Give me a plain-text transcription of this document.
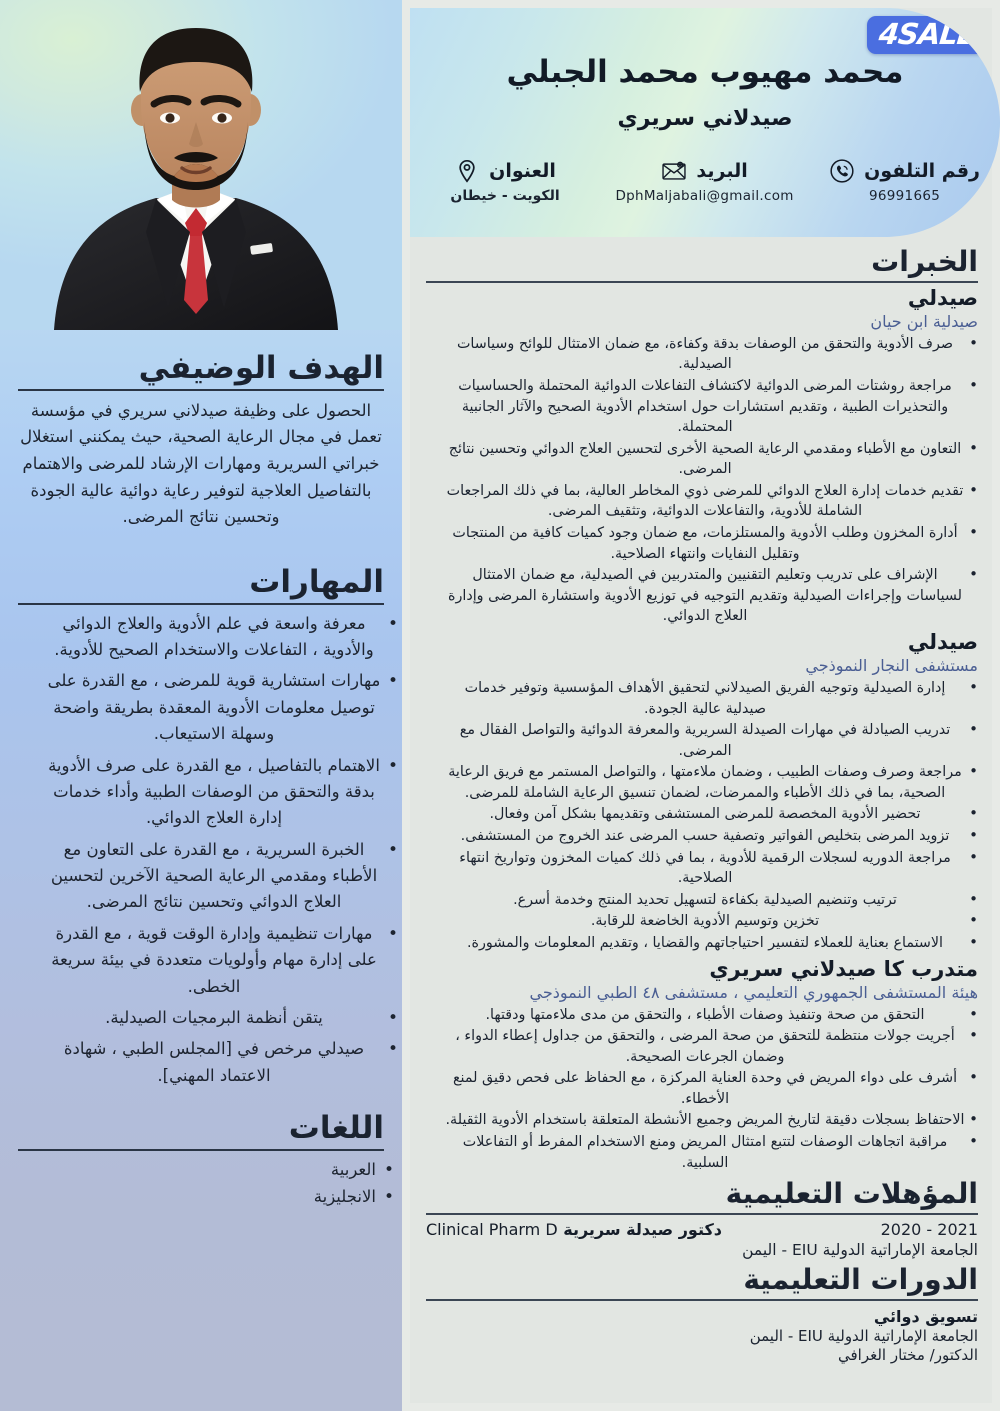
الهدف الوضيفي
الحصول على وظيفة صيدلاني سريري في مؤسسة تعمل في مجال الرعاية الصحية، حيث يمكنني استغلال خبراتي السريرية ومهارات الإرشاد للمرضى والاهتمام بالتفاصيل العلاجية لتوفير رعاية دوائية عالية الجودة وتحسين نتائج المرضى.
المهارات
• معرفة واسعة في علم الأدوية والعلاج الدوائي والأدوية ، التفاعلات والاستخدام الصحيح للأدوية.
• مهارات استشارية قوية للمرضى ، مع القدرة على توصيل معلومات الأدوية المعقدة بطريقة واضحة وسهلة الاستيعاب.
• الاهتمام بالتفاصيل ، مع القدرة على صرف الأدوية بدقة والتحقق من الوصفات الطبية وأداء خدمات إدارة العلاج الدوائي.
• الخبرة السريرية ، مع القدرة على التعاون مع الأطباء ومقدمي الرعاية الصحية الآخرين لتحسين العلاج الدوائي وتحسين نتائج المرضى.
• مهارات تنظيمية وإدارة الوقت قوية ، مع القدرة على إدارة مهام وأولويات متعددة في بيئة سريعة الخطى.
• يتقن أنظمة البرمجيات الصيدلية.
• صيدلي مرخص في [المجلس الطبي ، شهادة الاعتماد المهني].
اللغات
• العربية
• الانجليزية
4SALE
محمد مهيوب محمد الجبلي
صيدلاني سريري
العنوان
الكويت - خيطان
البريد
DphMaljabali@gmail.com
رقم التلفون
96991665
الخبرات
صيدلي
صيدلية ابن حيان
• صرف الأدوية والتحقق من الوصفات بدقة وكفاءة، مع ضمان الامتثال للوائح وسياسات الصيدلية.
• مراجعة روشتات المرضى الدوائية لاكتشاف التفاعلات الدوائية المحتملة والحساسيات والتحذيرات الطبية ، وتقديم استشارات حول استخدام الأدوية الصحيح والآثار الجانبية المحتملة.
• التعاون مع الأطباء ومقدمي الرعاية الصحية الأخرى لتحسين العلاج الدوائي وتحسين نتائج المرضى.
• تقديم خدمات إدارة العلاج الدوائي للمرضى ذوي المخاطر العالية، بما في ذلك المراجعات الشاملة للأدوية، والتفاعلات الدوائية، وتثقيف المرضى.
• أدارة المخزون وطلب الأدوية والمستلزمات، مع ضمان وجود كميات كافية من المنتجات وتقليل النفايات وانتهاء الصلاحية.
• الإشراف على تدريب وتعليم التقنيين والمتدربين في الصيدلية، مع ضمان الامتثال لسياسات وإجراءات الصيدلية وتقديم التوجيه في توزيع الأدوية واستشارة المرضى وإدارة العلاج الدوائي.
صيدلي
مستشفى النجار النموذجي
• إدارة الصيدلية وتوجيه الفريق الصيدلاني لتحقيق الأهداف المؤسسية وتوفير خدمات صيدلية عالية الجودة.
• تدريب الصيادلة في مهارات الصيدلة السريرية والمعرفة الدوائية والتواصل الفقال مع المرضى.
• مراجعة وصرف وصفات الطبيب ، وضمان ملاءمتها ، والتواصل المستمر مع فريق الرعاية الصحية، بما في ذلك الأطباء والممرضات، لضمان تنسيق الرعاية الشاملة للمرضى.
• تحضير الأدوية المخصصة للمرضى المستشفى وتقديمها بشكل آمن وفعال.
• تزويد المرضى بتخليص الفواتير وتصفية حسب المرضى عند الخروج من المستشفى.
• مراجعة الدوريه لسجلات الرقمية للأدوية ، بما في ذلك كميات المخزون وتواريخ انتهاء الصلاحية.
• ترتيب وتنضيم الصيدلية بكفاءة لتسهيل تحديد المنتج وخدمة أسرع.
• تخزين وتوسيم الأدوية الخاضعة للرقابة.
• الاستماع بعناية للعملاء لتفسير احتياجاتهم والقضايا ، وتقديم المعلومات والمشورة.
متدرب كا صيدلاني سريري
هيئة المستشفى الجمهوري التعليمي ، مستشفى ٤٨ الطبي النموذجي
• التحقق من صحة وتنفيذ وصفات الأطباء ، والتحقق من مدى ملاءمتها ودقتها.
• أجريت جولات منتظمة للتحقق من صحة المرضى ، والتحقق من جداول إعطاء الدواء ، وضمان الجرعات الصحيحة.
• أشرف على دواء المريض في وحدة العناية المركزة ، مع الحفاظ على فحص دقيق لمنع الأخطاء.
• الاحتفاظ بسجلات دقيقة لتاريخ المريض وجميع الأنشطة المتعلقة باستخدام الأدوية الثقيلة.
• مراقبة اتجاهات الوصفات لتتبع امتثال المريض ومنع الاستخدام المفرط أو التفاعلات السلبية.
المؤهلات التعليمية
دكتور صيدلة سريرية Clinical Pharm D	2020 - 2021
الجامعة الإماراتية الدولية EIU - اليمن
الدورات التعليمية
تسويق دوائي
الجامعة الإماراتية الدولية EIU - اليمن
الدكتور/ مختار الغرافي
